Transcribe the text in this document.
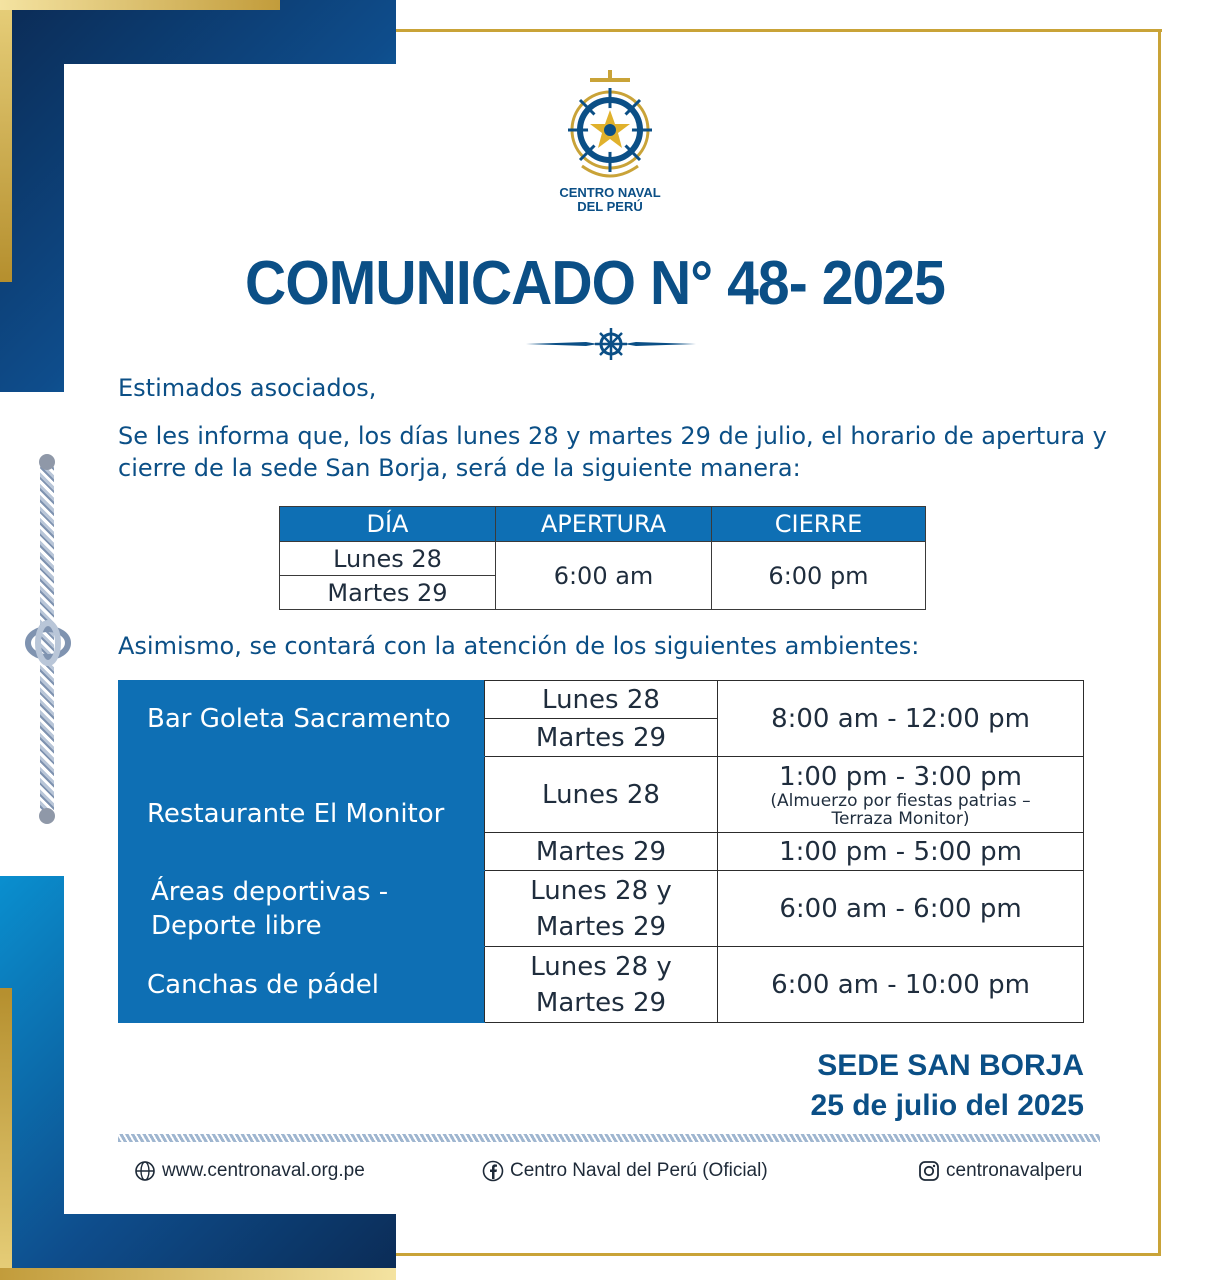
CENTRO NAVAL
DEL PERÚ
COMUNICADO N° 48- 2025
Estimados asociados,
Se les informa que, los días lunes 28 y martes 29 de julio, el horario de apertura y cierre de la sede San Borja, será de la siguiente manera:
DÍA	APERTURA	CIERRE
Lunes 28	6:00 am	6:00 pm
Martes 29		
Asimismo, se contará con la atención de los siguientes ambientes:
Bar Goleta Sacramento	Lunes 28	8:00 am - 12:00 pm
	Martes 29	
Restaurante El Monitor	Lunes 28	1:00 pm - 3:00 pm
(Almuerzo por fiestas patrias –
Terraza Monitor)

	Martes 29	1:00 pm - 5:00 pm

Áreas deportivas -
Deporte libre	Lunes 28 y
Martes 29	6:00 am - 6:00 pm
Canchas de pádel	Lunes 28 y
Martes 29	6:00 am - 10:00 pm
SEDE SAN BORJA
25 de julio del 2025
www.centronaval.org.pe	Centro Naval del Perú (Oficial)	centronavalperu
